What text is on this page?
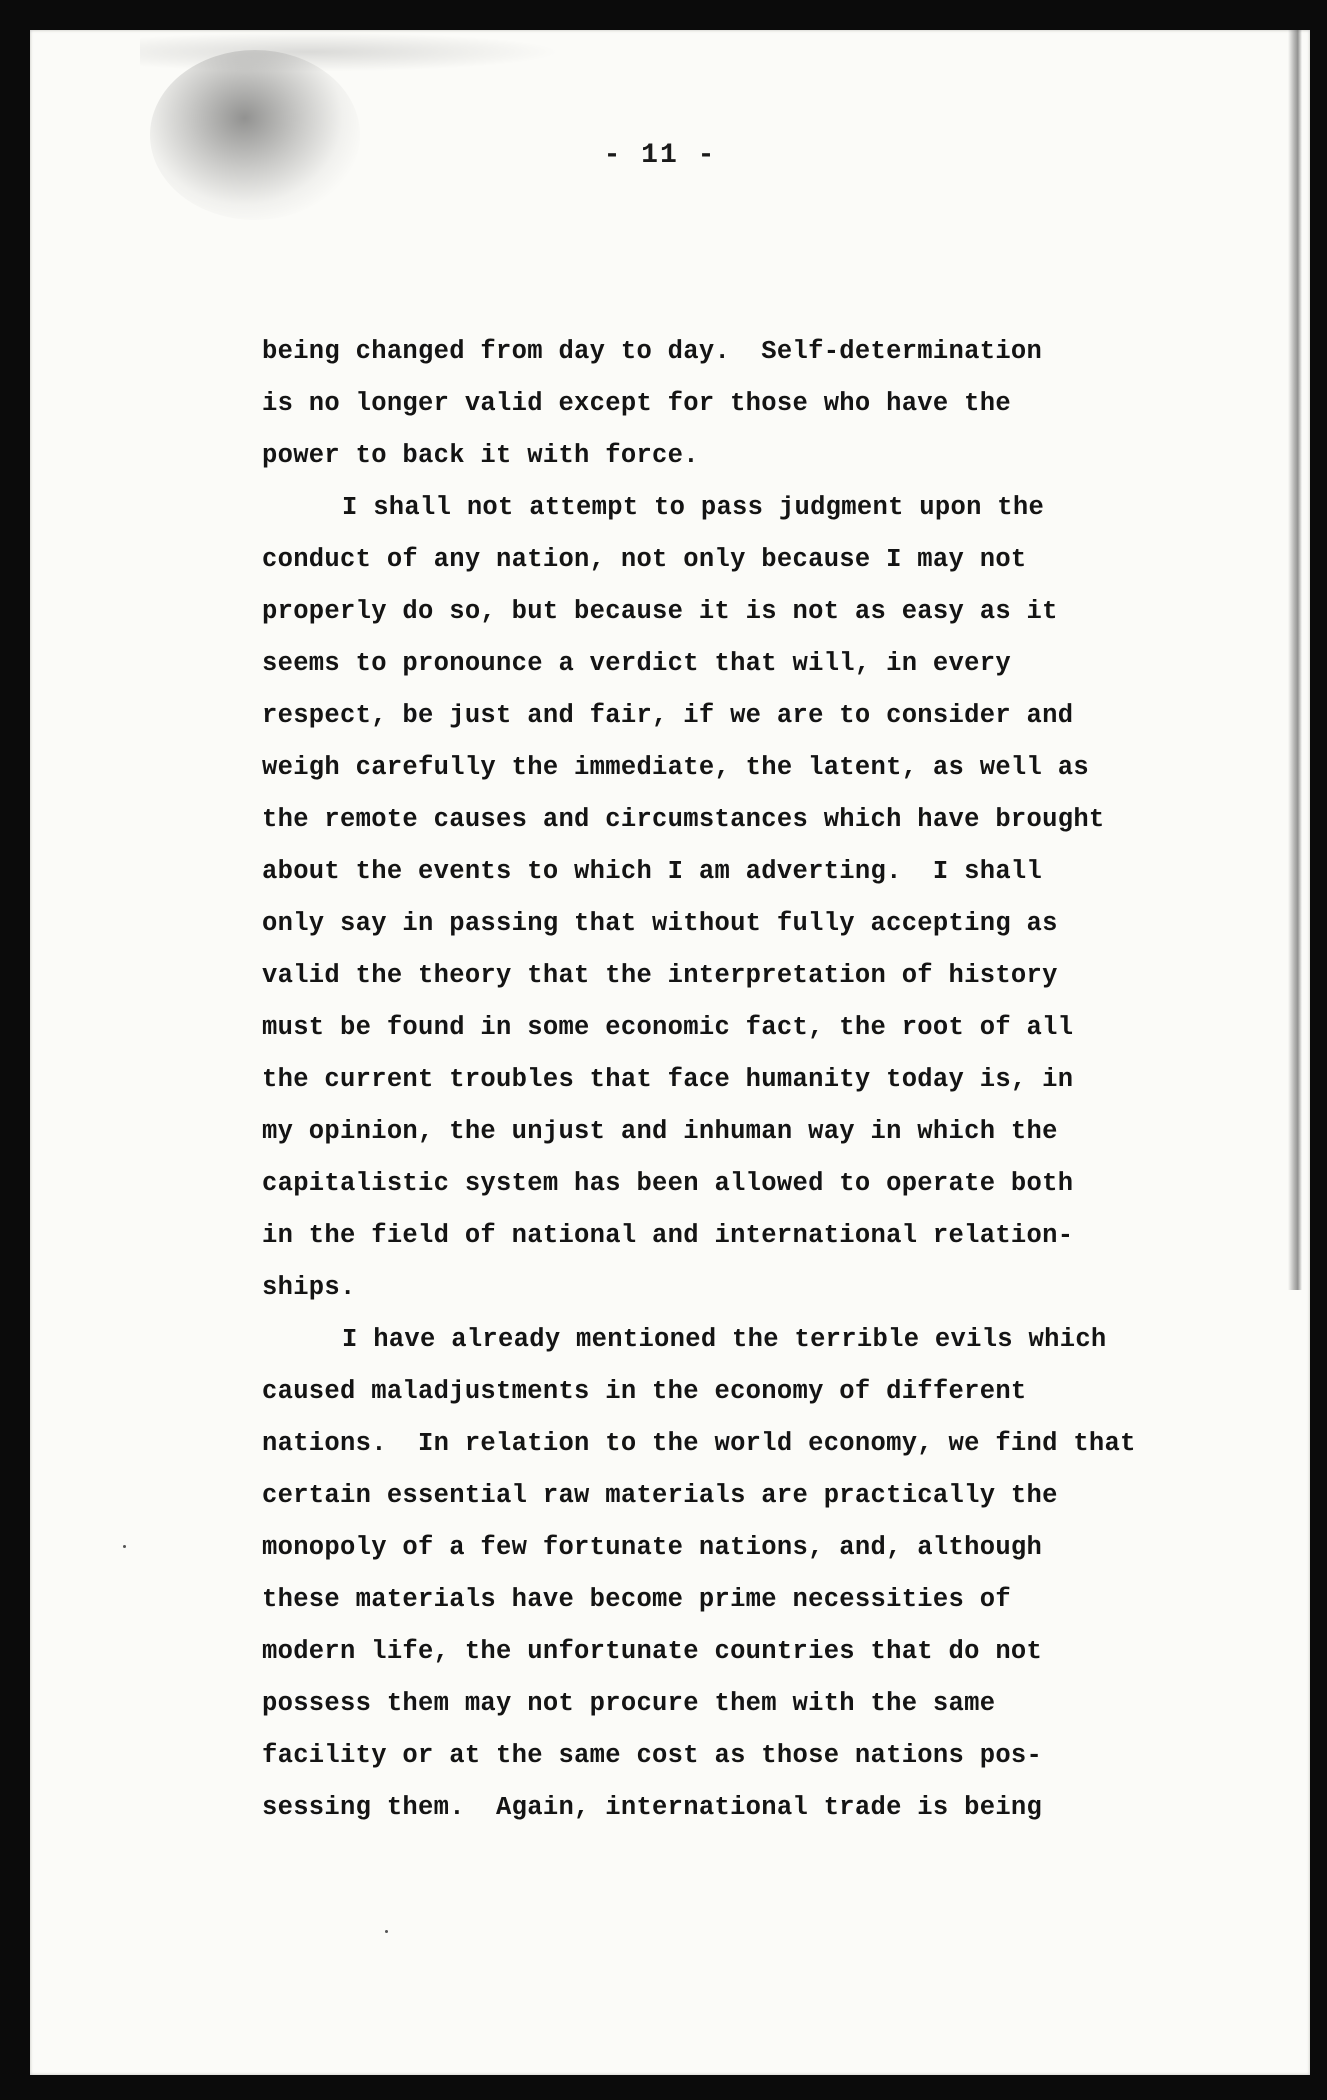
- 11 -
being changed from day to day.  Self-determination
is no longer valid except for those who have the
power to back it with force.
I shall not attempt to pass judgment upon the
conduct of any nation, not only because I may not
properly do so, but because it is not as easy as it
seems to pronounce a verdict that will, in every
respect, be just and fair, if we are to consider and
weigh carefully the immediate, the latent, as well as
the remote causes and circumstances which have brought
about the events to which I am adverting.  I shall
only say in passing that without fully accepting as
valid the theory that the interpretation of history
must be found in some economic fact, the root of all
the current troubles that face humanity today is, in
my opinion, the unjust and inhuman way in which the
capitalistic system has been allowed to operate both
in the field of national and international relation-
ships.
I have already mentioned the terrible evils which
caused maladjustments in the economy of different
nations.  In relation to the world economy, we find that
certain essential raw materials are practically the
monopoly of a few fortunate nations, and, although
these materials have become prime necessities of
modern life, the unfortunate countries that do not
possess them may not procure them with the same
facility or at the same cost as those nations pos-
sessing them.  Again, international trade is being
